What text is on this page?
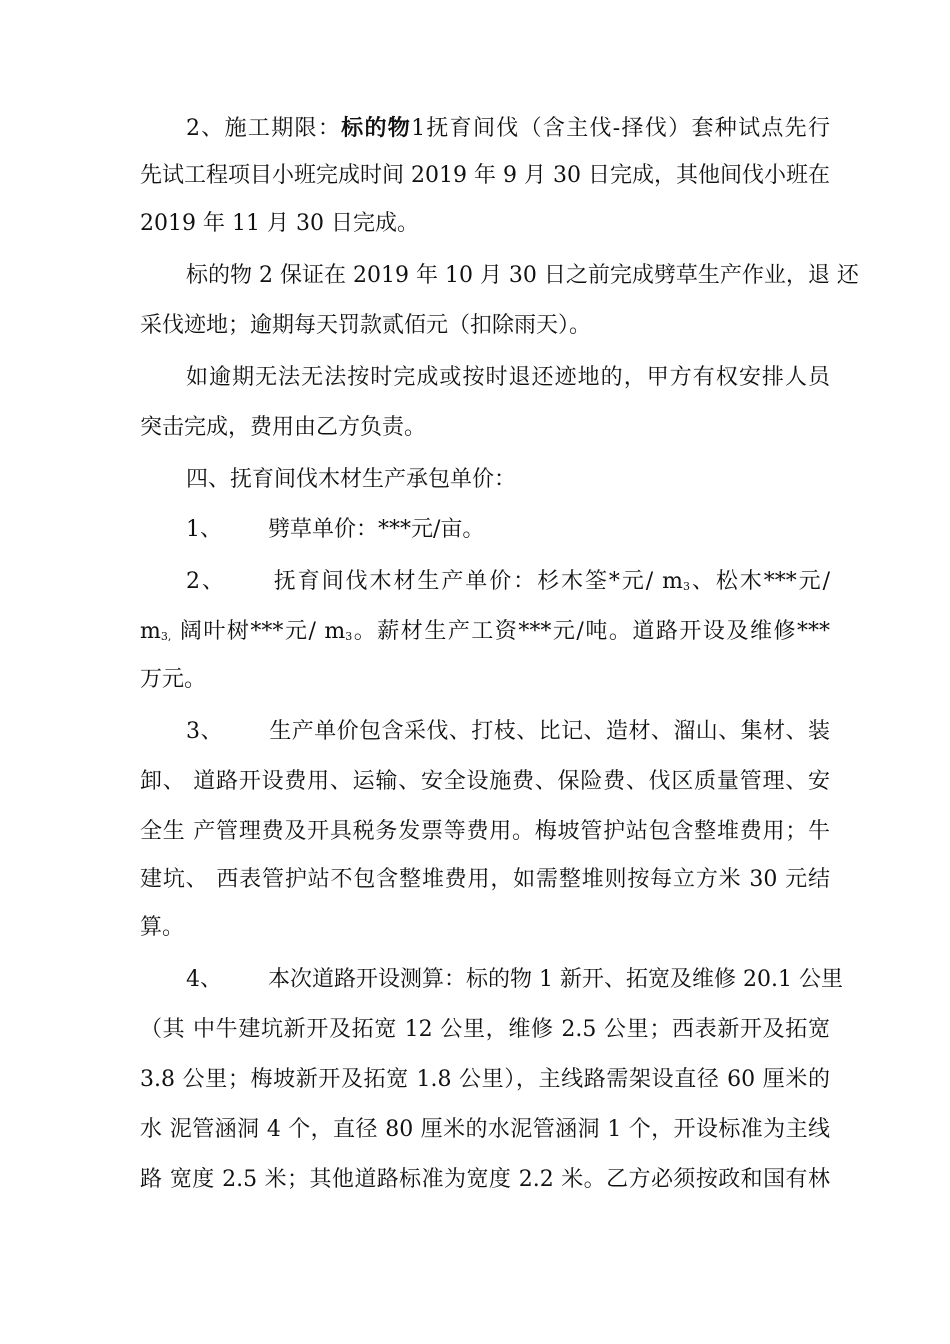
2、施工期限：标的物1抚育间伐（含主伐-择伐）套种试点先行
先试工程项目小班完成时间 2019 年 9 月 30 日完成，其他间伐小班在
2019 年 11 月 30 日完成。
标的物 2 保证在 2019 年 10 月 30 日之前完成劈草生产作业，退 还
采伐迹地；逾期每天罚款贰佰元（扣除雨天）。
如逾期无法无法按时完成或按时退还迹地的，甲方有权安排人员
突击完成，费用由乙方负责。
四、抚育间伐木材生产承包单价：
1、 劈草单价：***元/亩。
2、 抚育间伐木材生产单价：杉木筌*元/ m3、松木***元/
m3, 阔叶树***元/ m3。薪材生产工资***元/吨。道路开设及维修***
万元。
3、 生产单价包含采伐、打枝、比记、造材、溜山、集材、装
卸、 道路开设费用、运输、安全设施费、保险费、伐区质量管理、安
全生 产管理费及开具税务发票等费用。梅坡管护站包含整堆费用；牛
建坑、 西表管护站不包含整堆费用，如需整堆则按每立方米 30 元结
算。
4、 本次道路开设测算：标的物 1 新开、拓宽及维修 20.1 公里
（其 中牛建坑新开及拓宽 12 公里，维修 2.5 公里；西表新开及拓宽
3.8 公里；梅坡新开及拓宽 1.8 公里），主线路需架设直径 60 厘米的
水 泥管涵洞 4 个，直径 80 厘米的水泥管涵洞 1 个，开设标准为主线
路 宽度 2.5 米；其他道路标准为宽度 2.2 米。乙方必须按政和国有林
